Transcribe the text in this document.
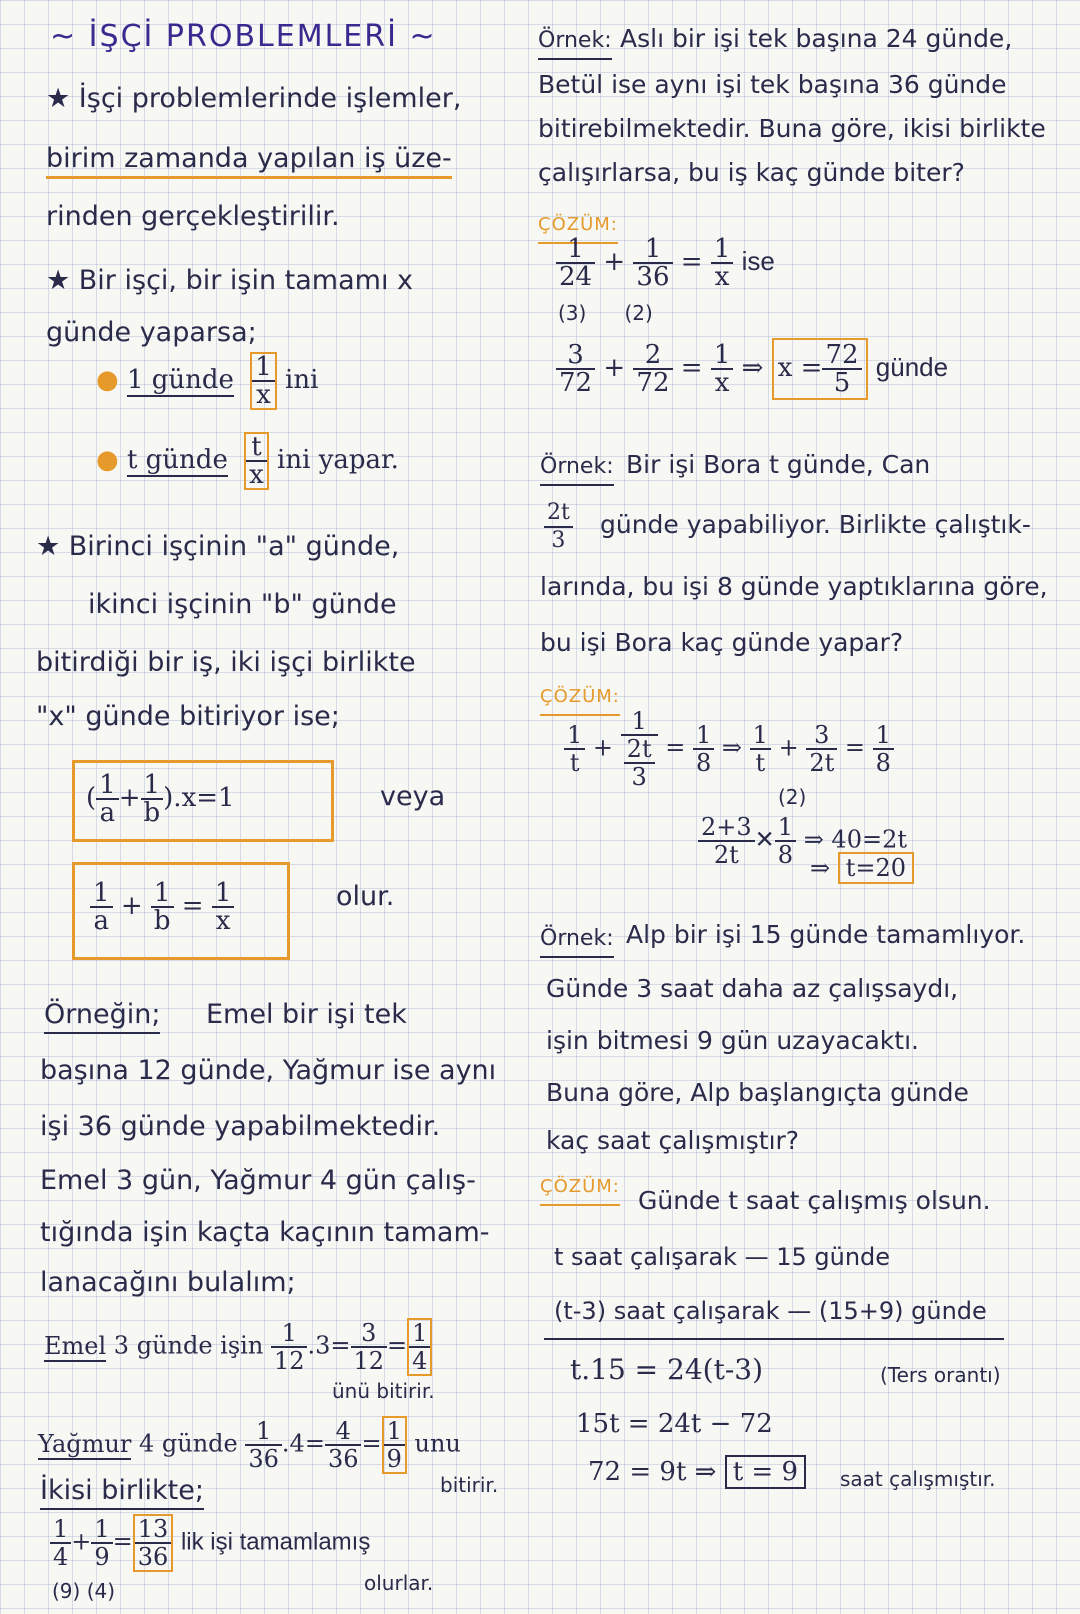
~ İŞÇİ PROBLEMLERİ ~
★ İşçi problemlerinde işlemler,
birim zamanda yapılan iş üze-
rinden gerçekleştirilir.
★ Bir işçi, bir işin tamamı x
günde yaparsa;
● 1 günde $\frac{1}{x}$ ini
● t günde $\frac{t}{x}$ ini yapar.
★ Birinci işçinin "a" günde,
ikinci işçinin "b" günde
bitirdiği bir iş, iki işçi birlikte
"x" günde bitiriyor ise;
( $\frac{1}{a} + \frac{1}{b} ).x=1$	veya
$\frac{1}{a} + \frac{1}{b} = \frac{1}{x}$	olur.
Örneğin; Emel bir işi tek
başına 12 günde, Yağmur ise aynı
işi 36 günde yapabilmektedir.
Emel 3 gün, Yağmur 4 gün çalış-
tığında işin kaçta kaçının tamam-
lanacağını bulalım;
Emel 3 günde işin $\frac{1}{12} .3= \frac{3}{12} = \frac{1}{4}$
ünü bitirir.
Yağmur 4 günde $\frac{1}{36} .4= \frac{4}{36} = \frac{1}{9}$ unu
bitirir.
İkisi birlikte;
$\frac{1}{4} + \frac{1}{9} = \frac{13}{36}$ lik işi tamamlamış
(9) (4)	olurlar.
Örnek: Aslı bir işi tek başına 24 günde,
Betül ise aynı işi tek başına 36 günde
bitirebilmektedir. Buna göre, ikisi birlikte
çalışırlarsa, bu iş kaç günde biter?
ÇÖZÜM:
$\frac{1}{24} + \frac{1}{36} = \frac{1}{x}$ ise
(3) (2)
$\frac{3}{72} + \frac{2}{72} = \frac{1}{x}$ ⇒ $x = \frac{72}{5}$ günde
Örnek: Bir işi Bora t günde, Can
$\frac{2t}{3}$ günde yapabiliyor. Birlikte çalıştık-
larında, bu işi 8 günde yaptıklarına göre,
bu işi Bora kaç günde yapar?
ÇÖZÜM:
$\frac{1}{t} + \frac{1}{\frac{2t}{3}} = \frac{1}{8}$ ⇒ $\frac{1}{t} + \frac{3}{2t} = \frac{1}{8}$
(2)
$\frac{2+3}{2t}$ ✕ $\frac{1}{8}$ ⇒ 40=2t
⇒ t=20
Örnek: Alp bir işi 15 günde tamamlıyor.
Günde 3 saat daha az çalışsaydı,
işin bitmesi 9 gün uzayacaktı.
Buna göre, Alp başlangıçta günde
kaç saat çalışmıştır?
ÇÖZÜM: Günde t saat çalışmış olsun.
t saat çalışarak — 15 günde
(t-3) saat çalışarak — (15+9) günde
t.15 = 24(t-3)	(Ters orantı)
15t = 24t − 72
72 = 9t ⇒ t = 9	saat çalışmıştır.
